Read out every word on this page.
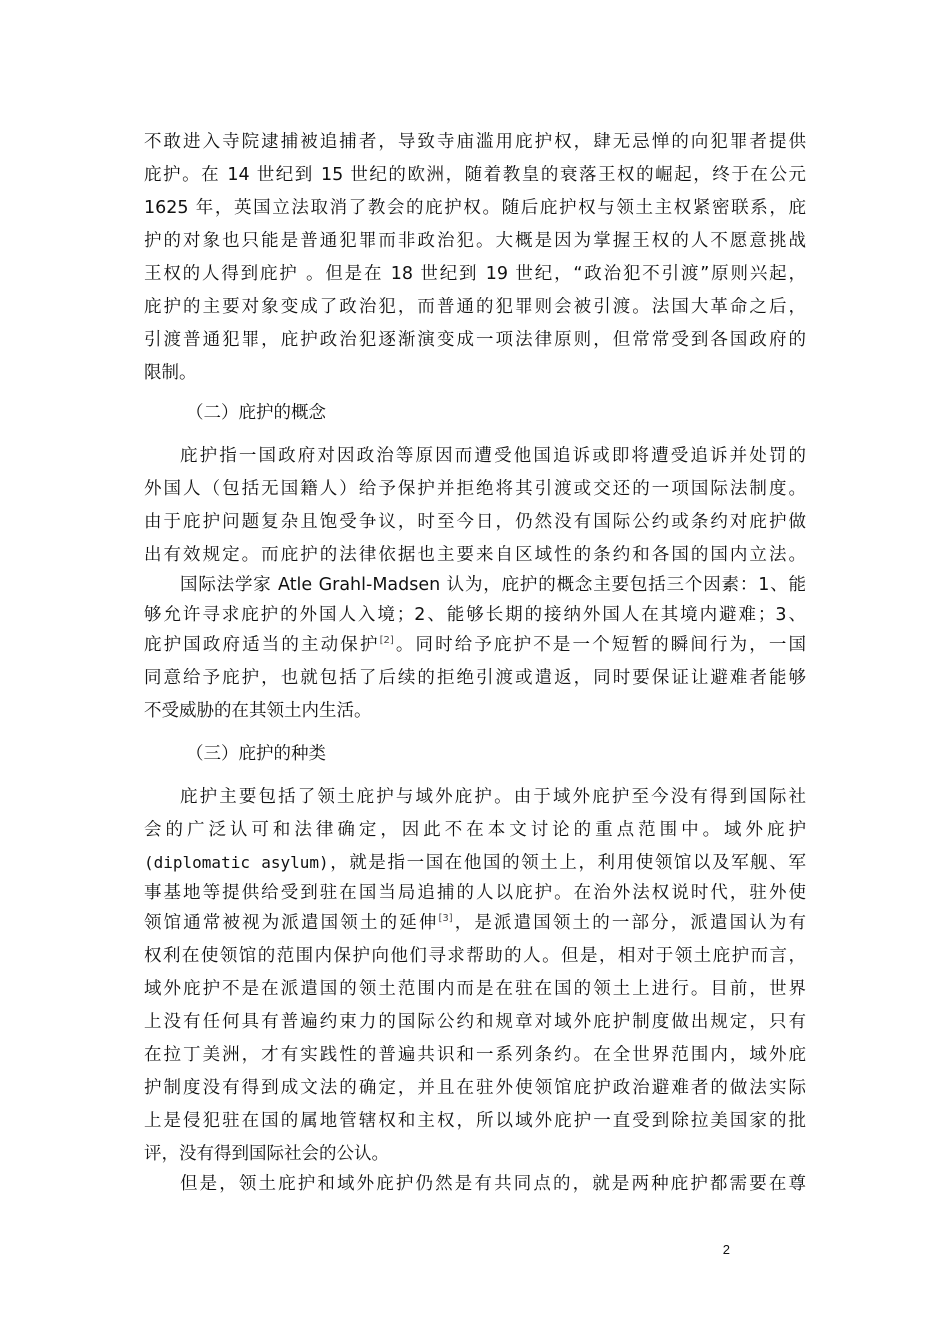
不敢进入寺院逮捕被追捕者，导致寺庙滥用庇护权，肆无忌惮的向犯罪者提供
庇护。在 14 世纪到 15 世纪的欧洲，随着教皇的衰落王权的崛起，终于在公元
1625 年，英国立法取消了教会的庇护权。随后庇护权与领土主权紧密联系，庇
护的对象也只能是普通犯罪而非政治犯。大概是因为掌握王权的人不愿意挑战
王权的人得到庇护 。但是在 18 世纪到 19 世纪，“政治犯不引渡”原则兴起，
庇护的主要对象变成了政治犯，而普通的犯罪则会被引渡。法国大革命之后，
引渡普通犯罪，庇护政治犯逐渐演变成一项法律原则，但常常受到各国政府的
限制。
（二）庇护的概念
庇护指一国政府对因政治等原因而遭受他国追诉或即将遭受追诉并处罚的
外国人（包括无国籍人）给予保护并拒绝将其引渡或交还的一项国际法制度。
由于庇护问题复杂且饱受争议，时至今日，仍然没有国际公约或条约对庇护做
出有效规定。而庇护的法律依据也主要来自区域性的条约和各国的国内立法。
国际法学家 Atle Grahl-Madsen 认为，庇护的概念主要包括三个因素：1、能
够允许寻求庇护的外国人入境；2、能够长期的接纳外国人在其境内避难；3、
庇护国政府适当的主动保护[2]。同时给予庇护不是一个短暂的瞬间行为，一国
同意给予庇护，也就包括了后续的拒绝引渡或遣返，同时要保证让避难者能够
不受威胁的在其领土内生活。
（三）庇护的种类
庇护主要包括了领土庇护与域外庇护。由于域外庇护至今没有得到国际社
会的广泛认可和法律确定，因此不在本文讨论的重点范围中。域外庇护
(diplomatic asylum)，就是指一国在他国的领土上，利用使领馆以及军舰、军
事基地等提供给受到驻在国当局追捕的人以庇护。在治外法权说时代，驻外使
领馆通常被视为派遣国领土的延伸[3]，是派遣国领土的一部分，派遣国认为有
权利在使领馆的范围内保护向他们寻求帮助的人。但是，相对于领土庇护而言，
域外庇护不是在派遣国的领土范围内而是在驻在国的领土上进行。目前，世界
上没有任何具有普遍约束力的国际公约和规章对域外庇护制度做出规定，只有
在拉丁美洲，才有实践性的普遍共识和一系列条约。在全世界范围内，域外庇
护制度没有得到成文法的确定，并且在驻外使领馆庇护政治避难者的做法实际
上是侵犯驻在国的属地管辖权和主权，所以域外庇护一直受到除拉美国家的批
评，没有得到国际社会的公认。
但是，领土庇护和域外庇护仍然是有共同点的，就是两种庇护都需要在尊
2
